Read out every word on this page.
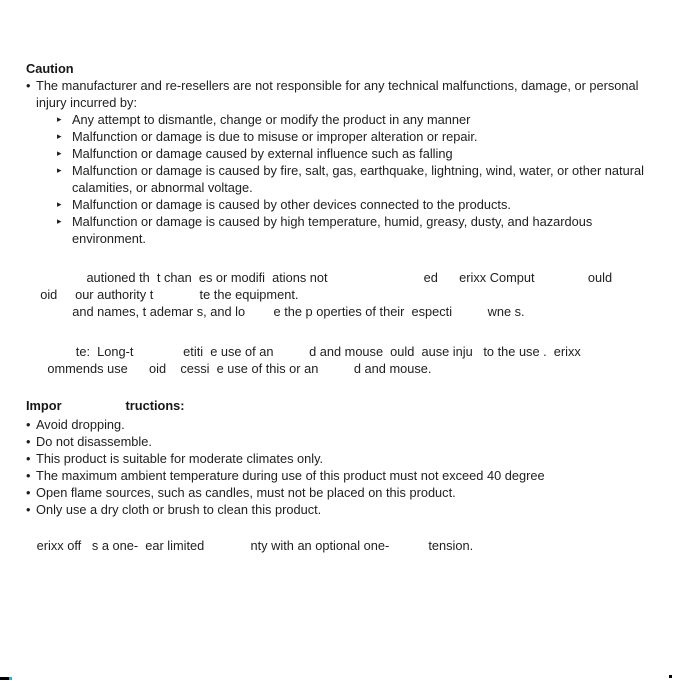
Caution
• The manufacturer and re-resellers are not responsible for any technical malfunctions, damage, or personal
injury incurred by:
▸ Any attempt to dismantle, change or modify the product in any manner
▸ Malfunction or damage is due to misuse or improper alteration or repair.
▸ Malfunction or damage caused by external influence such as falling
▸ Malfunction or damage is caused by fire, salt, gas, earthquake, lightning, wind, water, or other natural
calamities, or abnormal voltage.
▸ Malfunction or damage is caused by other devices connected to the products.
▸ Malfunction or damage is caused by high temperature, humid, greasy, dusty, and hazardous
environment.
autioned th  t chan  es or modifi  ations not                           ed      erixx Comput               ould
oid     our authority t             te the equipment.
and names, t ademar s, and lo        e the p operties of their  especti          wne s.
te:  Long-t              etiti  e use of an          d and mouse  ould  ause inju   to the use .  erixx
ommends use      oid    cessi  e use of this or an          d and mouse.
Impor                  tructions:
• Avoid dropping.
• Do not disassemble.
• This product is suitable for moderate climates only.
• The maximum ambient temperature during use of this product must not exceed 40 degree
• Open flame sources, such as candles, must not be placed on this product.
• Only use a dry cloth or brush to clean this product.
erixx off   s a one-  ear limited             nty with an optional one-           tension.
